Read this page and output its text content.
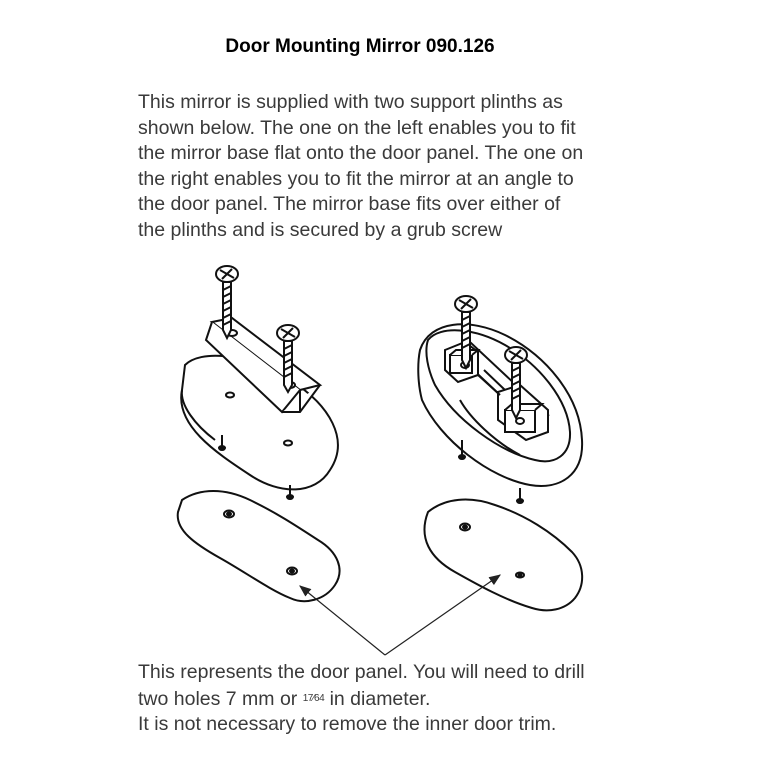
Door Mounting Mirror 090.126
This mirror is supplied with two support plinths as
shown below. The one on the left enables you to fit
the mirror base flat onto the door panel. The one on
the right enables you to fit the mirror at an angle to
the door panel. The mirror base fits over either of
the plinths and is secured by a grub screw
This represents the door panel. You will need to drill
two holes 7 mm or $^{17⁄64}$ in diameter.
It is not necessary to remove the inner door trim.
